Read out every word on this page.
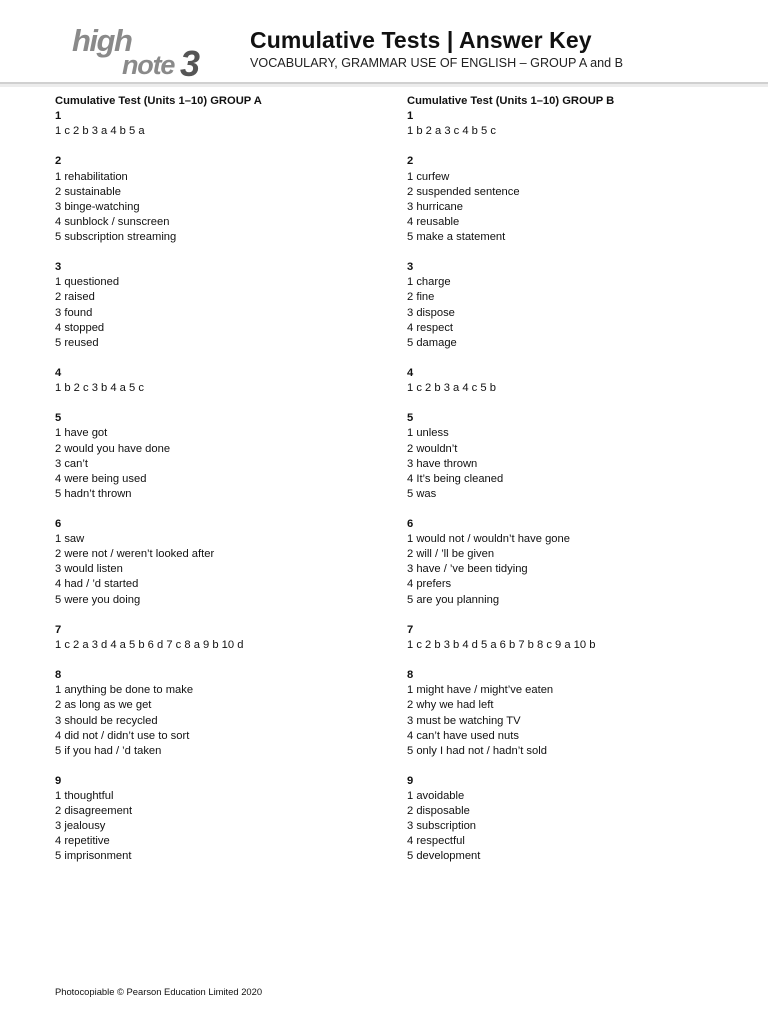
high
note 3
Cumulative Tests | Answer Key

VOCABULARY, GRAMMAR USE OF ENGLISH – GROUP A and B

Cumulative Test (Units 1–10) GROUP A
1
1 c 2 b 3 a 4 b 5 a
2
1 rehabilitation
2 sustainable
3 binge-watching
4 sunblock / sunscreen
5 subscription streaming
3
1 questioned
2 raised
3 found
4 stopped
5 reused
4
1 b 2 c 3 b 4 a 5 c
5
1 have got
2 would you have done
3 can’t
4 were being used
5 hadn’t thrown
6
1 saw
2 were not / weren’t looked after
3 would listen
4 had / ’d started
5 were you doing
7
1 c 2 a 3 d 4 a 5 b 6 d 7 c 8 a 9 b 10 d
8
1 anything be done to make
2 as long as we get
3 should be recycled
4 did not / didn’t use to sort
5 if you had / ’d taken
9
1 thoughtful
2 disagreement
3 jealousy
4 repetitive
5 imprisonment
Cumulative Test (Units 1–10) GROUP B
1
1 b 2 a 3 c 4 b 5 c
2
1 curfew
2 suspended sentence
3 hurricane
4 reusable
5 make a statement
3
1 charge
2 fine
3 dispose
4 respect
5 damage
4
1 c 2 b 3 a 4 c 5 b
5
1 unless
2 wouldn’t
3 have thrown
4 It’s being cleaned
5 was
6
1 would not / wouldn’t have gone
2 will / ’ll be given
3 have / ’ve been tidying
4 prefers
5 are you planning
7
1 c 2 b 3 b 4 d 5 a 6 b 7 b 8 c 9 a 10 b
8
1 might have / might’ve eaten
2 why we had left
3 must be watching TV
4 can’t have used nuts
5 only I had not / hadn’t sold
9
1 avoidable
2 disposable
3 subscription
4 respectful
5 development

Photocopiable © Pearson Education Limited 2020
